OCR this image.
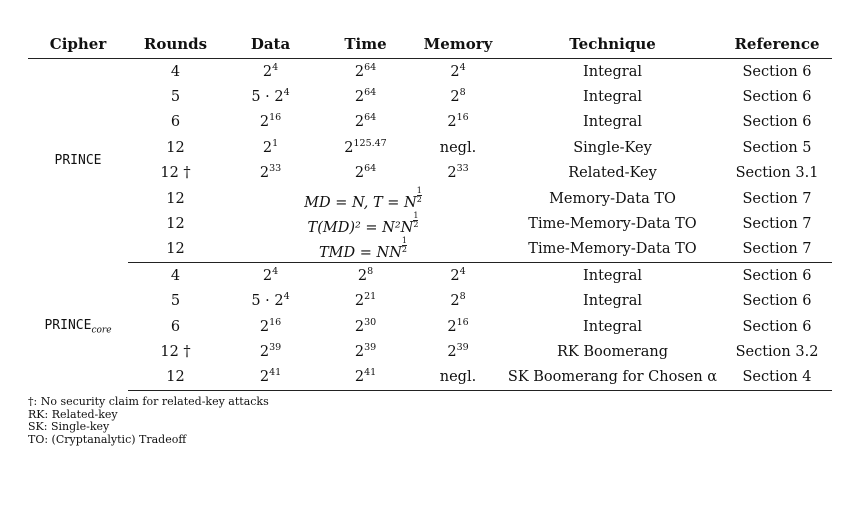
Cipher	Rounds	Data	Time	Memory	Technique	Reference
PRINCE	4	$2^4$	$2^{64}$	$2^4$	Integral	Section 6
	5	$5 \cdot 2^4$	$2^{64}$	$2^8$	Integral	Section 6
	6	$2^{16}$	$2^{64}$	$2^{16}$	Integral	Section 6
	12	$2^1$	$2^{125.47}$	negl.	Single-Key	Section 5
	12 †	$2^{33}$	$2^{64}$	$2^{33}$	Related-Key	Section 3.1
	12	MD = N, T = N $\frac{1}{2}$			Memory-Data TO	Section 7
	12	$T(MD)^2 = N^2N \frac{1}{2}$			Time-Memory-Data TO	Section 7
	12	TMD = NN $\frac{1}{2}$			Time-Memory-Data TO	Section 7
$PRINCE_{core}$	4	$2^4$	$2^8$	$2^4$	Integral	Section 6
	5	$5 \cdot 2^4$	$2^{21}$	$2^8$	Integral	Section 6
	6	$2^{16}$	$2^{30}$	$2^{16}$	Integral	Section 6
	12 †	$2^{39}$	$2^{39}$	$2^{39}$	RK Boomerang	Section 3.2
	12	$2^{41}$	$2^{41}$	negl.	SK Boomerang for Chosen α	Section 4
†: No security claim for related-key attacks
RK: Related-key
SK: Single-key
TO: (Cryptanalytic) Tradeoff
